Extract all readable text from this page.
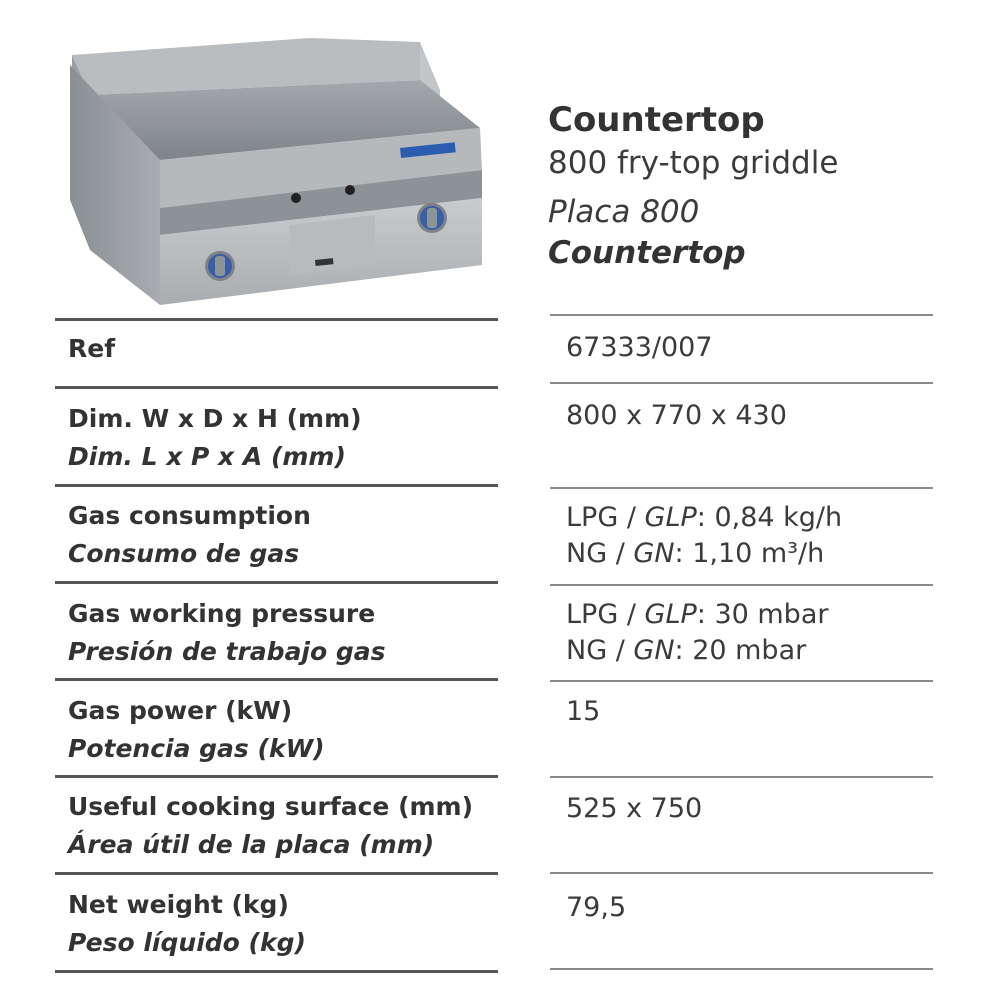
Countertop
800 fry-top griddle
Placa 800
Countertop
Ref	67333/007
Dim. W x D x H (mm)
Dim. L x P x A (mm)
800 x 770 x 430
Gas consumption
Consumo de gas
LPG / GLP: 0,84 kg/h
NG / GN: 1,10 m³/h
Gas working pressure
Presión de trabajo gas
LPG / GLP: 30 mbar
NG / GN: 20 mbar
Gas power (kW)
Potencia gas (kW)
15
Useful cooking surface (mm)
Área útil de la placa (mm)
525 x 750
Net weight (kg)
Peso líquido (kg)
79,5
